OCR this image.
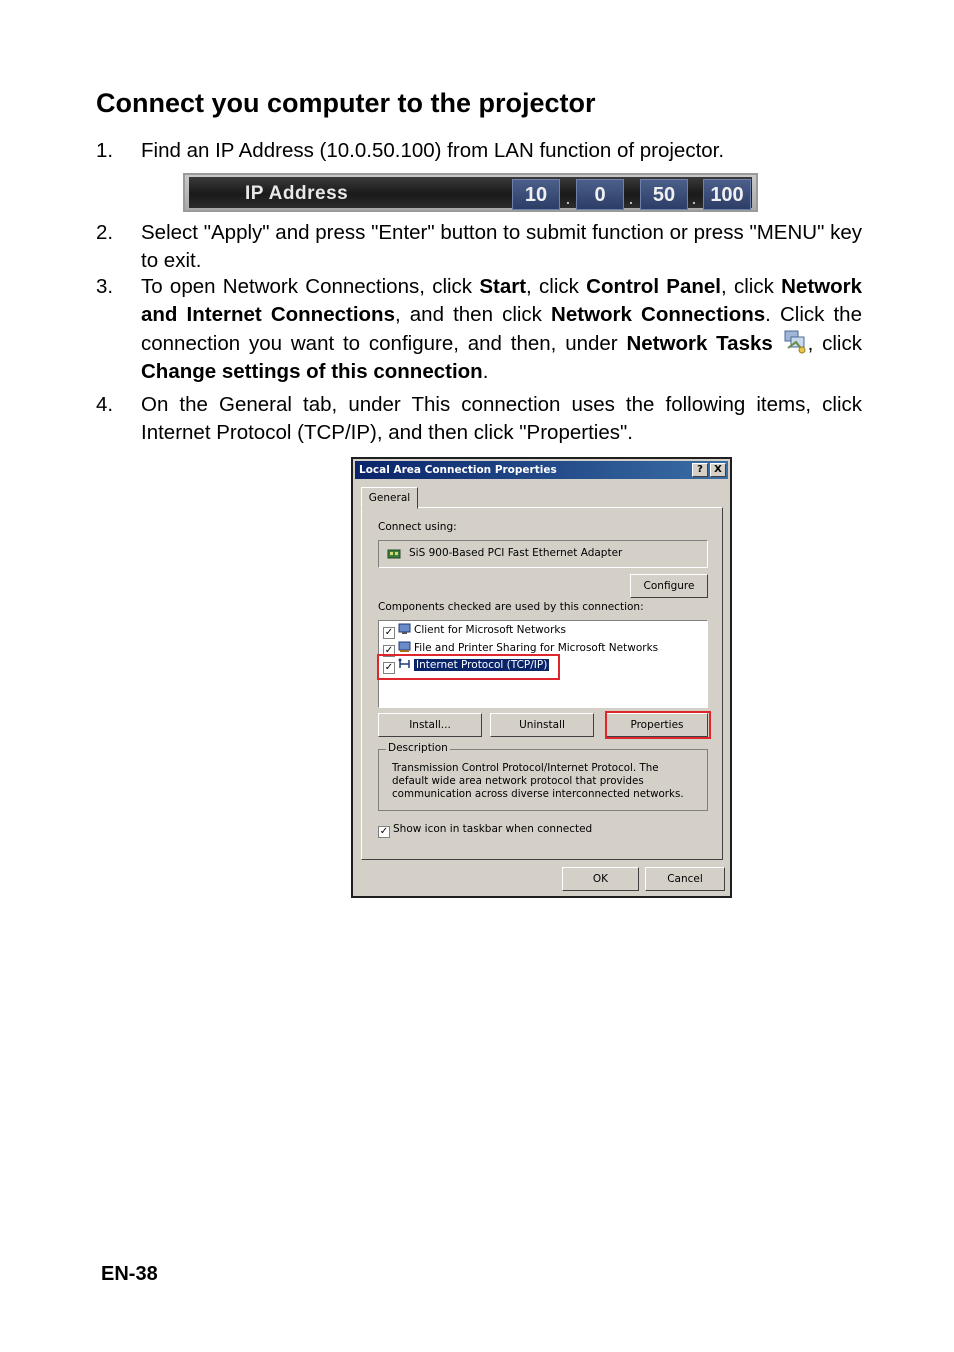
Connect you computer to the projector
1. Find an IP Address (10.0.50.100) from LAN function of projector.
IP Address	10	.	0	. 50	. 100
2. Select "Apply" and press "Enter" button to submit function or press "MENU" key to exit.
3. To open Network Connections, click Start, click Control Panel, click Network and Internet Connections, and then click Network Connections. Click the connection you want to configure, and then, under Network Tasks , click Change settings of this connection.
4. On the General tab, under This connection uses the following items, click Internet Protocol (TCP/IP), and then click "Properties".
Local Area Connection Properties	?	X
General
Connect using:
SiS 900-Based PCI Fast Ethernet Adapter
Configure
Components checked are used by this connection:
✓ Client for Microsoft Networks
✓ File and Printer Sharing for Microsoft Networks
✓ Internet Protocol (TCP/IP)
Install...	Uninstall	Properties
Description
Transmission Control Protocol/Internet Protocol. The default wide area network protocol that provides communication across diverse interconnected networks.
✓ Show icon in taskbar when connected
OK	Cancel
EN-38
